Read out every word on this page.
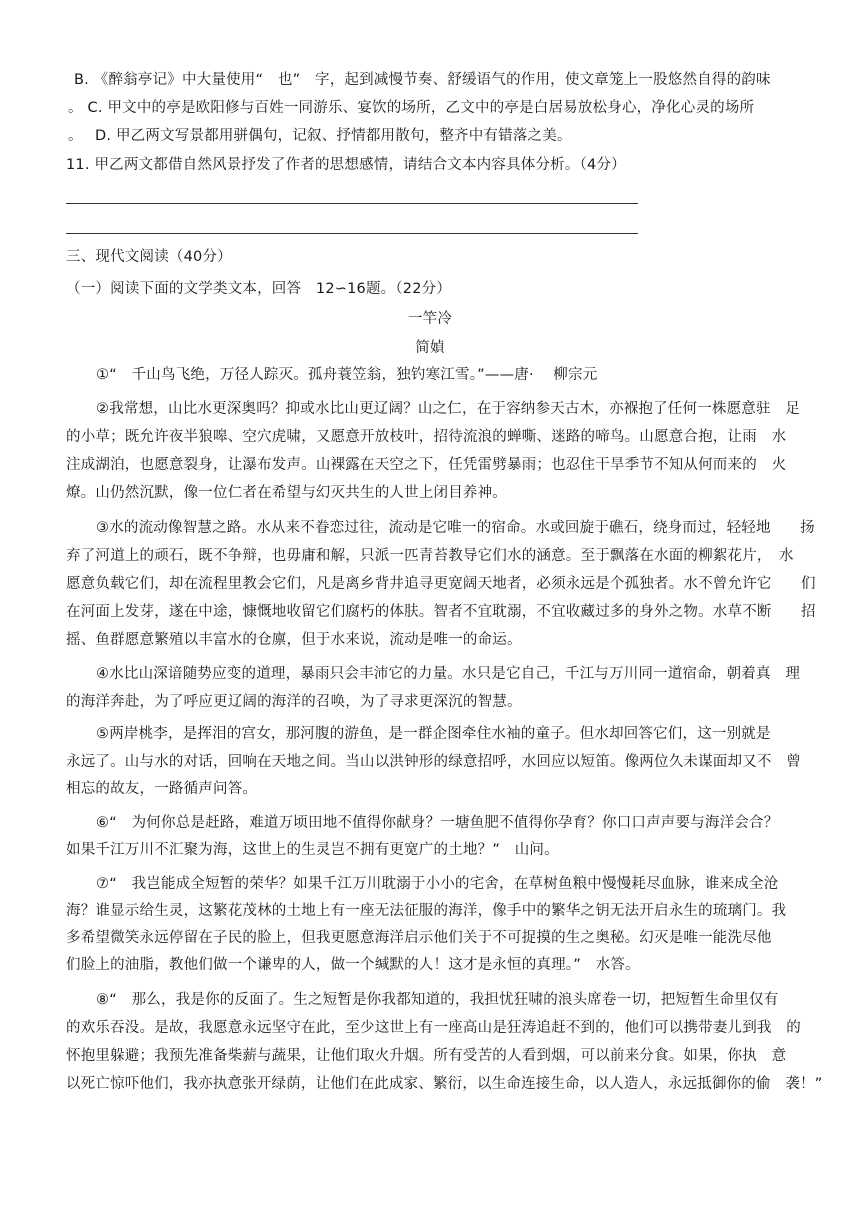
B. 《醉翁亭记》中大量使用“　也”　字，起到减慢节奏、舒缓语气的作用，使文章笼上一股悠然自得的韵味
。 C. 甲文中的亭是欧阳修与百姓一同游乐、宴饮的场所，乙文中的亭是白居易放松身心，净化心灵的场所
。　 D. 甲乙两文写景都用骈偶句，记叙、抒情都用散句，整齐中有错落之美。
11. 甲乙两文都借自然风景抒发了作者的思想感情，请结合文本内容具体分析。（4分）
三、现代文阅读（40分）
（一）阅读下面的文学类文本，回答　12∽16题。（22分）
一竿冷
简媜
①“　千山鸟飞绝，万径人踪灭。孤舟蓑笠翁，独钓寒江雪。”——唐·　 柳宗元
②我常想，山比水更深奥吗？抑或水比山更辽阔？山之仁，在于容纳参天古木，亦褓抱了任何一株愿意驻　足
的小草；既允许夜半狼嗥、空穴虎啸，又愿意开放枝叶，招待流浪的蝉嘶、迷路的啼鸟。山愿意合抱，让雨　水
注成湖泊，也愿意裂身，让瀑布发声。山裸露在天空之下，任凭雷劈暴雨；也忍住干旱季节不知从何而来的　火
燎。山仍然沉默，像一位仁者在希望与幻灭共生的人世上闭目养神。
③水的流动像智慧之路。水从来不眷恋过往，流动是它唯一的宿命。水或回旋于礁石，绕身而过，轻轻地　　扬
弃了河道上的顽石，既不争辩，也毋庸和解，只派一匹青苔教导它们水的涵意。至于飘落在水面的柳絮花片，　水
愿意负载它们，却在流程里教会它们，凡是离乡背井追寻更宽阔天地者，必须永远是个孤独者。水不曾允许它　　们
在河面上发芽，遂在中途，慷慨地收留它们腐朽的体肤。智者不宜耽溺，不宜收藏过多的身外之物。水草不断　　招
摇、鱼群愿意繁殖以丰富水的仓廪，但于水来说，流动是唯一的命运。
④水比山深谙随势应变的道理，暴雨只会丰沛它的力量。水只是它自己，千江与万川同一道宿命，朝着真　理
的海洋奔赴，为了呼应更辽阔的海洋的召唤，为了寻求更深沉的智慧。
⑤两岸桃李，是挥泪的宫女，那河腹的游鱼，是一群企图牵住水袖的童子。但水却回答它们，这一别就是
永远了。山与水的对话，回响在天地之间。当山以洪钟形的绿意招呼，水回应以短笛。像两位久未谋面却又不　曾
相忘的故友，一路循声问答。
⑥“　为何你总是赶路，难道万顷田地不值得你献身？一塘鱼肥不值得你孕育？你口口声声要与海洋会合？
如果千江万川不汇聚为海，这世上的生灵岂不拥有更宽广的土地？”　山问。
⑦“　我岂能成全短暂的荣华？如果千江万川耽溺于小小的宅舍，在草树鱼粮中慢慢耗尽血脉，谁来成全沧
海？谁显示给生灵，这繁花茂林的土地上有一座无法征服的海洋，像手中的繁华之钥无法开启永生的琉璃门。我
多希望微笑永远停留在子民的脸上，但我更愿意海洋启示他们关于不可捉摸的生之奥秘。幻灭是唯一能洗尽他
们脸上的油脂，教他们做一个谦卑的人，做一个缄默的人！这才是永恒的真理。”　水答。
⑧“　那么，我是你的反面了。生之短暂是你我都知道的，我担忧狂啸的浪头席卷一切，把短暂生命里仅有
的欢乐吞没。是故，我愿意永远坚守在此，至少这世上有一座高山是狂涛追赶不到的，他们可以携带妻儿到我　的
怀抱里躲避；我预先准备柴薪与蔬果，让他们取火升烟。所有受苦的人看到烟，可以前来分食。如果，你执　意
以死亡惊吓他们，我亦执意张开绿荫，让他们在此成家、繁衍，以生命连接生命，以人造人，永远抵御你的偷　袭！”
